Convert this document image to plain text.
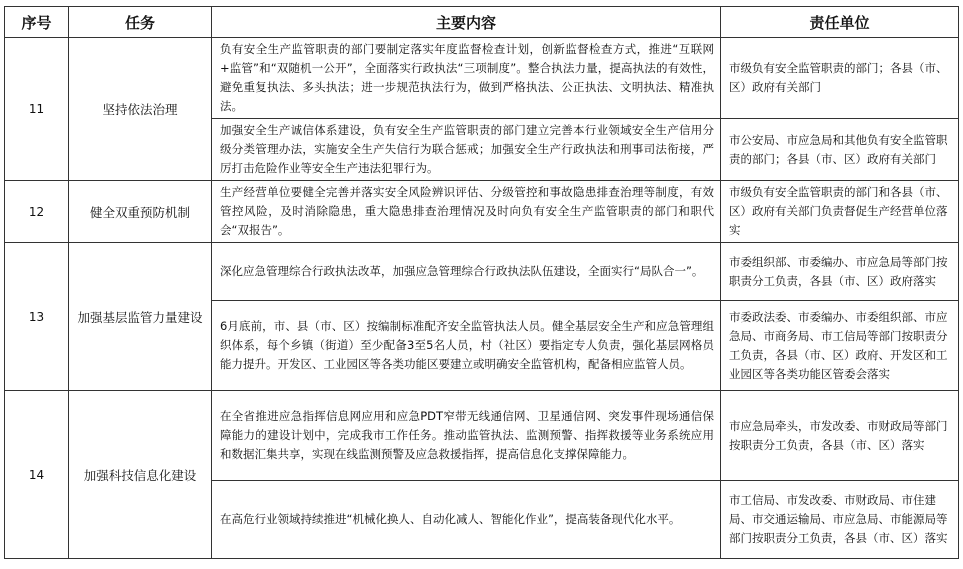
序号	任务	主要内容	责任单位
11	坚持依法治理	负有安全生产监管职责的部门要制定落实年度监督检查计划，创新监督检查方式，推进“互联网+监管”和“双随机一公开”，全面落实行政执法“三项制度”。整合执法力量，提高执法的有效性，避免重复执法、多头执法；进一步规范执法行为，做到严格执法、公正执法、文明执法、精准执法。	市级负有安全监管职责的部门；各县（市、区）政府有关部门
		加强安全生产诚信体系建设，负有安全生产监管职责的部门建立完善本行业领域安全生产信用分级分类管理办法，实施安全生产失信行为联合惩戒；加强安全生产行政执法和刑事司法衔接，严厉打击危险作业等安全生产违法犯罪行为。	市公安局、市应急局和其他负有安全监管职责的部门；各县（市、区）政府有关部门
12	健全双重预防机制	生产经营单位要健全完善并落实安全风险辨识评估、分级管控和事故隐患排查治理等制度，有效管控风险，及时消除隐患，重大隐患排查治理情况及时向负有安全生产监管职责的部门和职代会“双报告”。	市级负有安全监管职责的部门和各县（市、区）政府有关部门负责督促生产经营单位落实
13	加强基层监管力量建设	深化应急管理综合行政执法改革，加强应急管理综合行政执法队伍建设，全面实行“局队合一”。	市委组织部、市委编办、市应急局等部门按职责分工负责，各县（市、区）政府落实
		6月底前，市、县（市、区）按编制标准配齐安全监管执法人员。健全基层安全生产和应急管理组织体系，每个乡镇（街道）至少配备3至5名人员，村（社区）要指定专人负责，强化基层网格员能力提升。开发区、工业园区等各类功能区要建立或明确安全监管机构，配备相应监管人员。	市委政法委、市委编办、市委组织部、市应急局、市商务局、市工信局等部门按职责分工负责，各县（市、区）政府、开发区和工业园区等各类功能区管委会落实
14	加强科技信息化建设	在全省推进应急指挥信息网应用和应急PDT窄带无线通信网、卫星通信网、突发事件现场通信保障能力的建设计划中，完成我市工作任务。推动监管执法、监测预警、指挥救援等业务系统应用和数据汇集共享，实现在线监测预警及应急救援指挥，提高信息化支撑保障能力。	市应急局牵头，市发改委、市财政局等部门按职责分工负责，各县（市、区）落实
		在高危行业领域持续推进“机械化换人、自动化减人、智能化作业”，提高装备现代化水平。	市工信局、市发改委、市财政局、市住建局、市交通运输局、市应急局、市能源局等部门按职责分工负责，各县（市、区）落实
